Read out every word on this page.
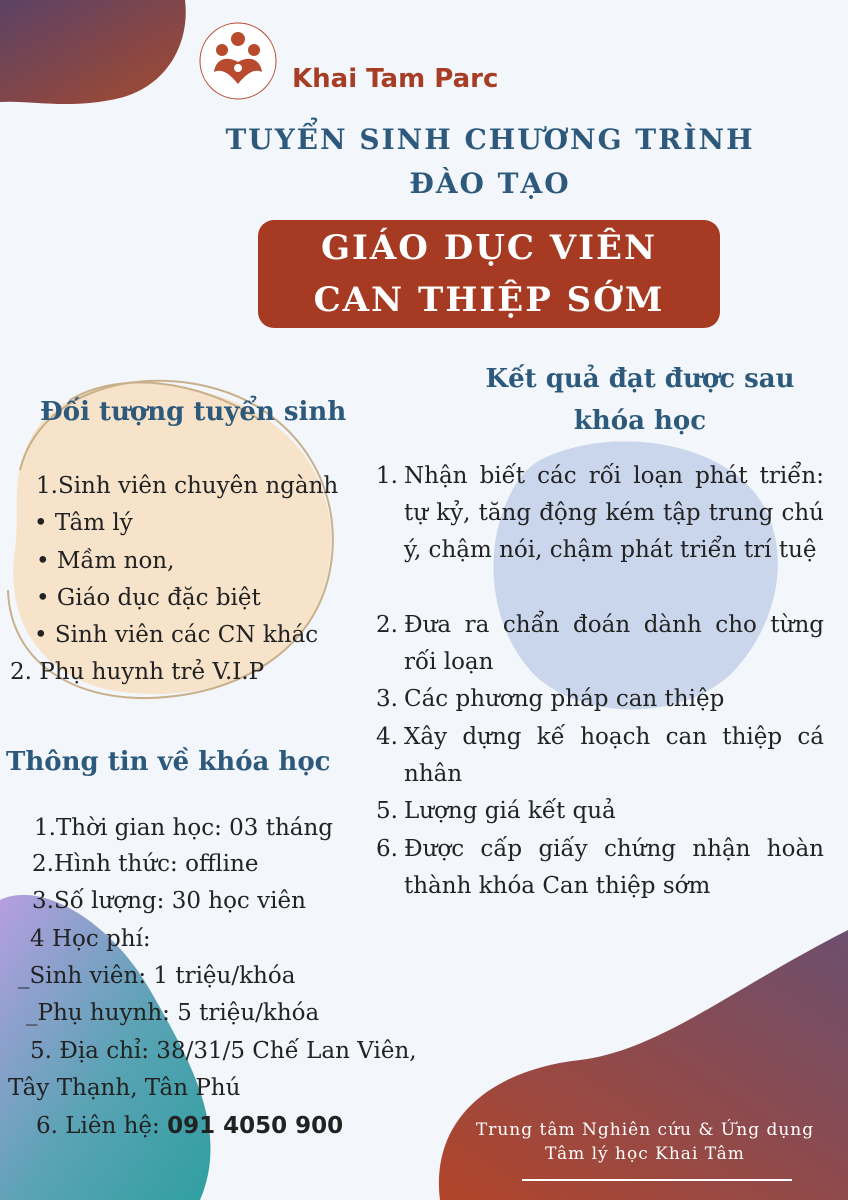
Khai Tam Parc
TUYỂN SINH CHƯƠNG TRÌNH
ĐÀO TẠO
GIÁO DỤC VIÊN
CAN THIỆP SỚM
Đối tượng tuyển sinh
1.Sinh viên chuyên ngành
• Tâm lý
• Mầm non,
• Giáo dục đặc biệt
• Sinh viên các CN khác
2. Phụ huynh trẻ V.I.P
Thông tin về khóa học
1.Thời gian học: 03 tháng
2.Hình thức: offline
3.Số lượng: 30 học viên
4 Học phí:
_Sinh viên: 1 triệu/khóa
_Phụ huynh: 5 triệu/khóa
5. Địa chỉ: 38/31/5 Chế Lan Viên,
Tây Thạnh, Tân Phú
6. Liên hệ: 091 4050 900
Kết quả đạt được sau
khóa học
1. Nhận biết các rối loạn phát triển: tự kỷ, tăng động kém tập trung chú ý, chậm nói, chậm phát triển trí tuệ
2. Đưa ra chẩn đoán dành cho từng rối loạn
3. Các phương pháp can thiệp
4. Xây dựng kế hoạch can thiệp cá nhân
5. Lượng giá kết quả
6. Được cấp giấy chứng nhận hoàn thành khóa Can thiệp sớm
Trung tâm Nghiên cứu & Ứng dụng
Tâm lý học Khai Tâm
